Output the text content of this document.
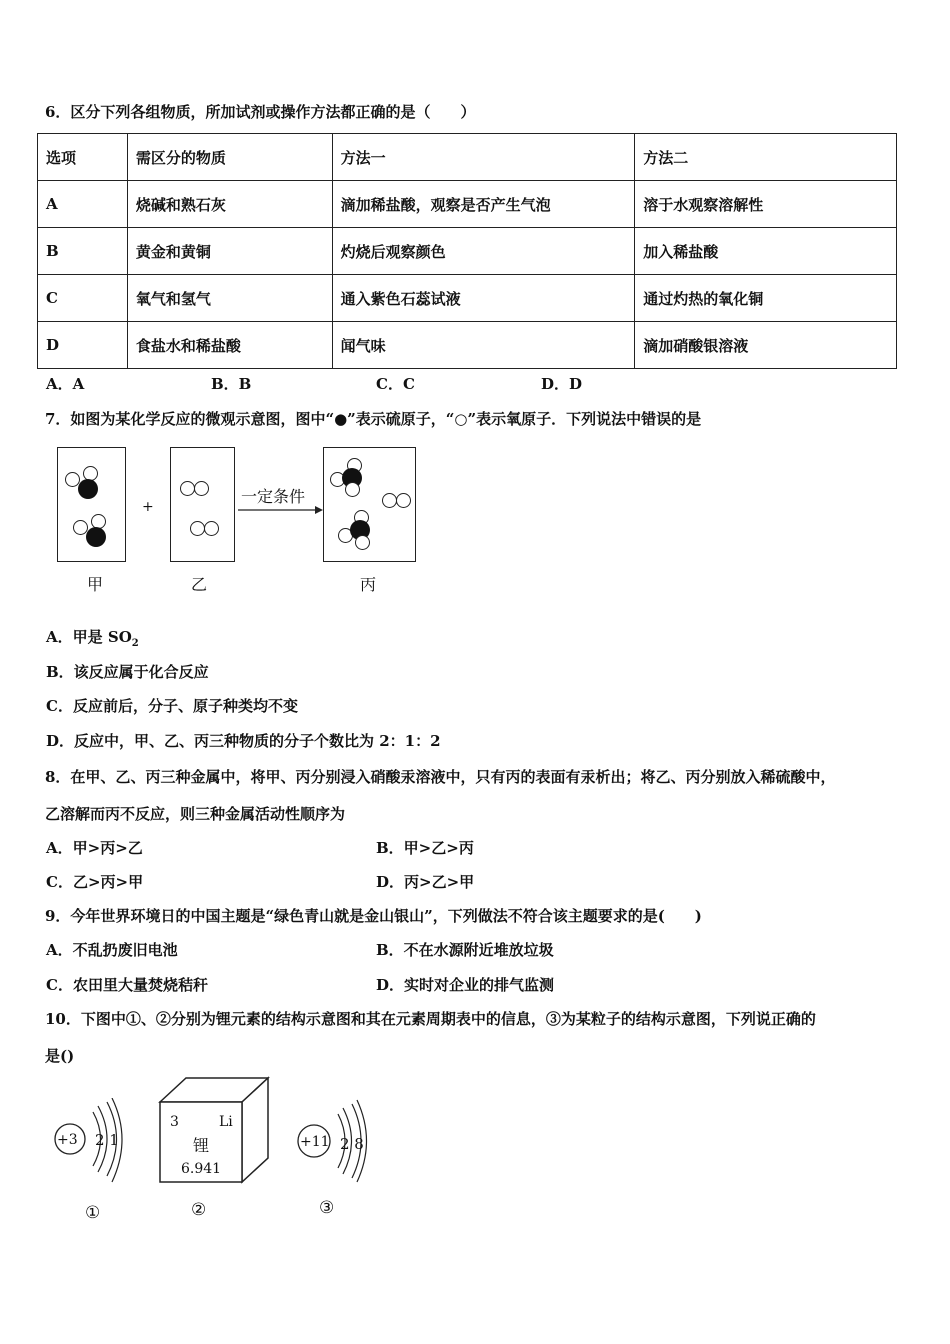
6．区分下列各组物质，所加试剂或操作方法都正确的是（　　）
选项	需区分的物质	方法一	方法二
A	烧碱和熟石灰	滴加稀盐酸，观察是否产生气泡	溶于水观察溶解性
B	黄金和黄铜	灼烧后观察颜色	加入稀盐酸
C	氧气和氢气	通入紫色石蕊试液	通过灼热的氧化铜
D	食盐水和稀盐酸	闻气味	滴加硝酸银溶液
A．A	B．B	C．C	D．D
7．如图为某化学反应的微观示意图，图中“●”表示硫原子，“○”表示氧原子．下列说法中错误的是
+
一定条件
甲	乙	丙
A．甲是 $SO_2$
B．该反应属于化合反应
C．反应前后，分子、原子种类均不变
D．反应中，甲、乙、丙三种物质的分子个数比为 2：1：2
8．在甲、乙、丙三种金属中，将甲、丙分别浸入硝酸汞溶液中，只有丙的表面有汞析出；将乙、丙分别放入稀硫酸中，
乙溶解而丙不反应，则三种金属活动性顺序为
A．甲>丙>乙	B．甲>乙>丙
C．乙>丙>甲	D．丙>乙>甲
9．今年世界环境日的中国主题是“绿色青山就是金山银山”，下列做法不符合该主题要求的是(　　)
A．不乱扔废旧电池	B．不在水源附近堆放垃圾
C．农田里大量焚烧秸秆	D．实时对企业的排气监测
10．下图中①、②分别为锂元素的结构示意图和其在元素周期表中的信息，③为某粒子的结构示意图，下列说正确的
是()
+3 2 1
①
3	Li
锂
6.941
②
+11 2 8
③
